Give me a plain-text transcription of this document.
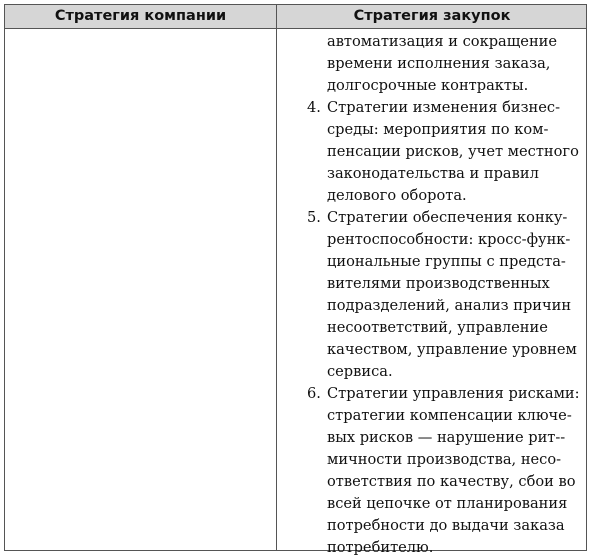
Стратегия компании	Стратегия закупок
автоматизация и сокращение
времени исполнения заказа,
долгосрочные контракты.
4. Стратегии изменения бизнес-
среды: мероприятия по ком-
пенсации рисков, учет местного
законодательства и правил
делового оборота.
5. Стратегии обеспечения конку-
рентоспособности: кросс-функ-
циональные группы с предста-
вителями производственных
подразделений, анализ причин
несоответствий, управление
качеством, управление уровнем
сервиса.
6. Стратегии управления рисками:
стратегии компенсации ключе-
вых рисков — нарушение рит--
мичности производства, несо-
ответствия по качеству, сбои во
всей цепочке от планирования
потребности до выдачи заказа
потребителю.
